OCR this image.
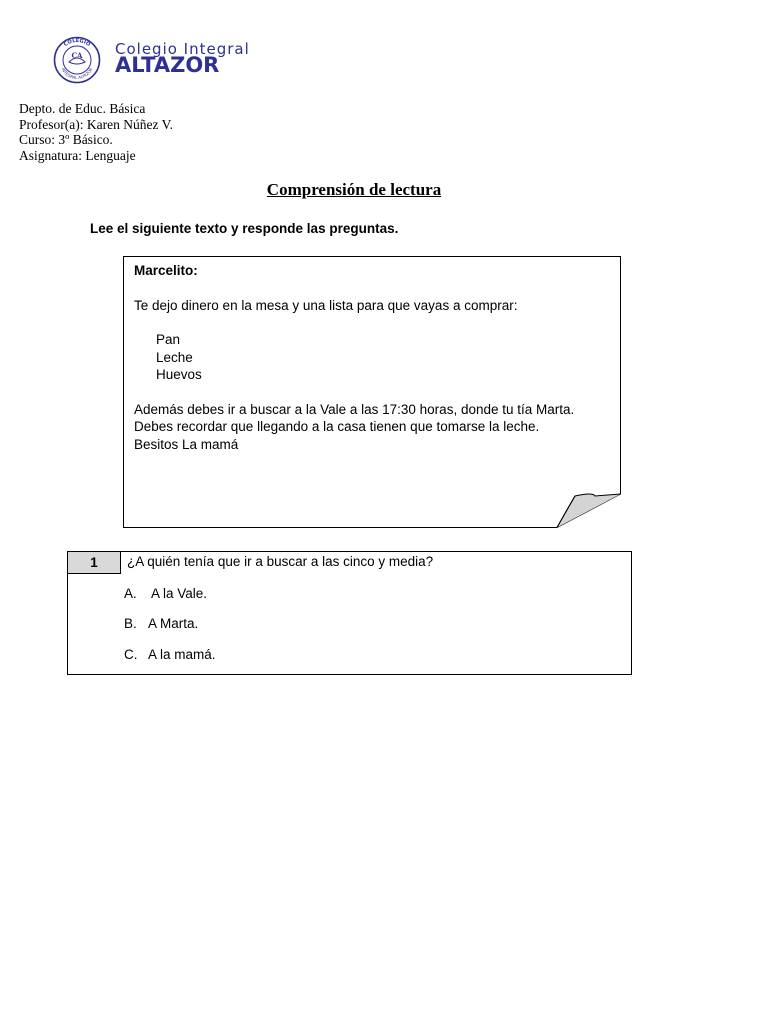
CA
COLEGIO
INTEGRAL ALTAZOR
Colegio Integral
ALTAZOR
Depto. de Educ. Básica
Profesor(a): Karen Núñez V.
Curso: 3º Básico.
Asignatura: Lenguaje
Comprensión de lectura
Lee el siguiente texto y responde las preguntas.

Marcelito:

Te dejo dinero en la mesa y una lista para que vayas a comprar:

Pan
Leche
Huevos

Además debes ir a buscar a la Vale a las 17:30 horas, donde tu tía Marta. Debes recordar que llegando a la casa tienen que tomarse la leche.

Besitos La mamá

1	¿A quién tenía que ir a buscar a las cinco y media?
A. A la Vale.
B. A Marta.
C. A la mamá.
